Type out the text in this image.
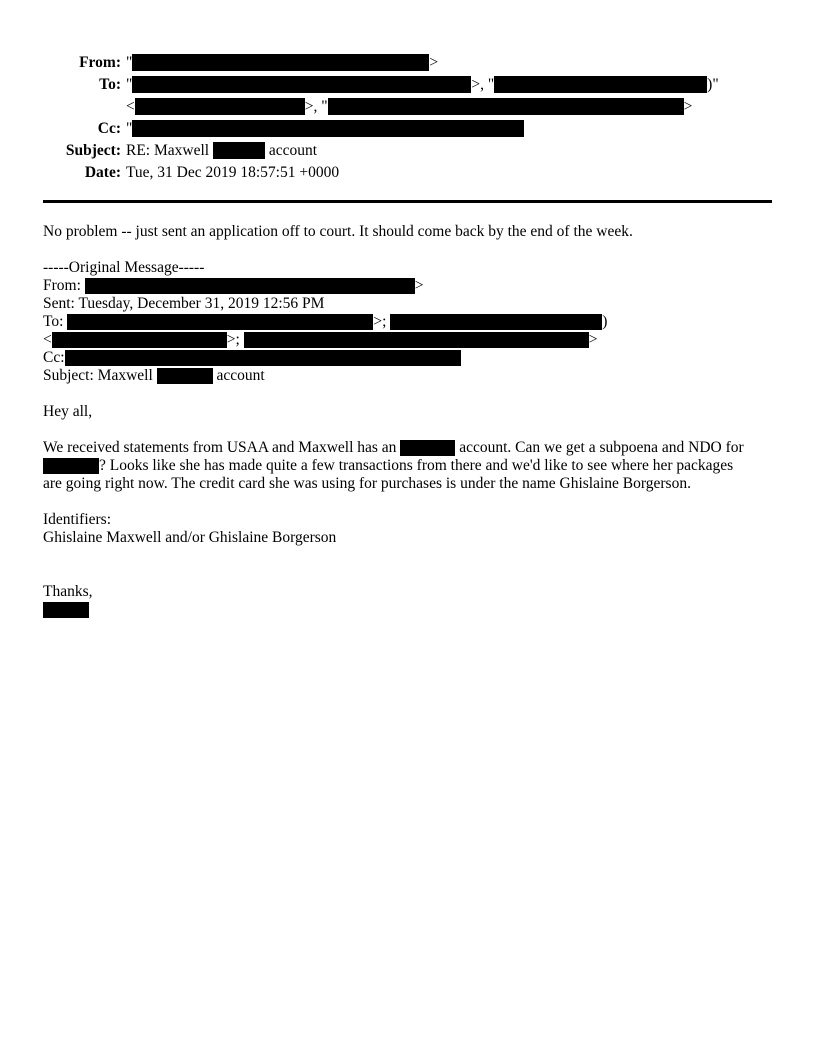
From: "	>
To: "	>, "	)"
<	>, "	>
Cc: "
Subject: RE: Maxwell	account
Date: Tue, 31 Dec 2019 18:57:51 +0000
No problem -- just sent an application off to court. It should come back by the end of the week.

-----Original Message-----
From:	>
Sent: Tuesday, December 31, 2019 12:56 PM
To:	>;	)
<	>;	>
Cc:
Subject: Maxwell	account

Hey all,

We received statements from USAA and Maxwell has an	account. Can we get a subpoena and NDO for
? Looks like she has made quite a few transactions from there and we'd like to see where her packages
are going right now. The credit card she was using for purchases is under the name Ghislaine Borgerson.

Identifiers:
Ghislaine Maxwell and/or Ghislaine Borgerson

Thanks,
